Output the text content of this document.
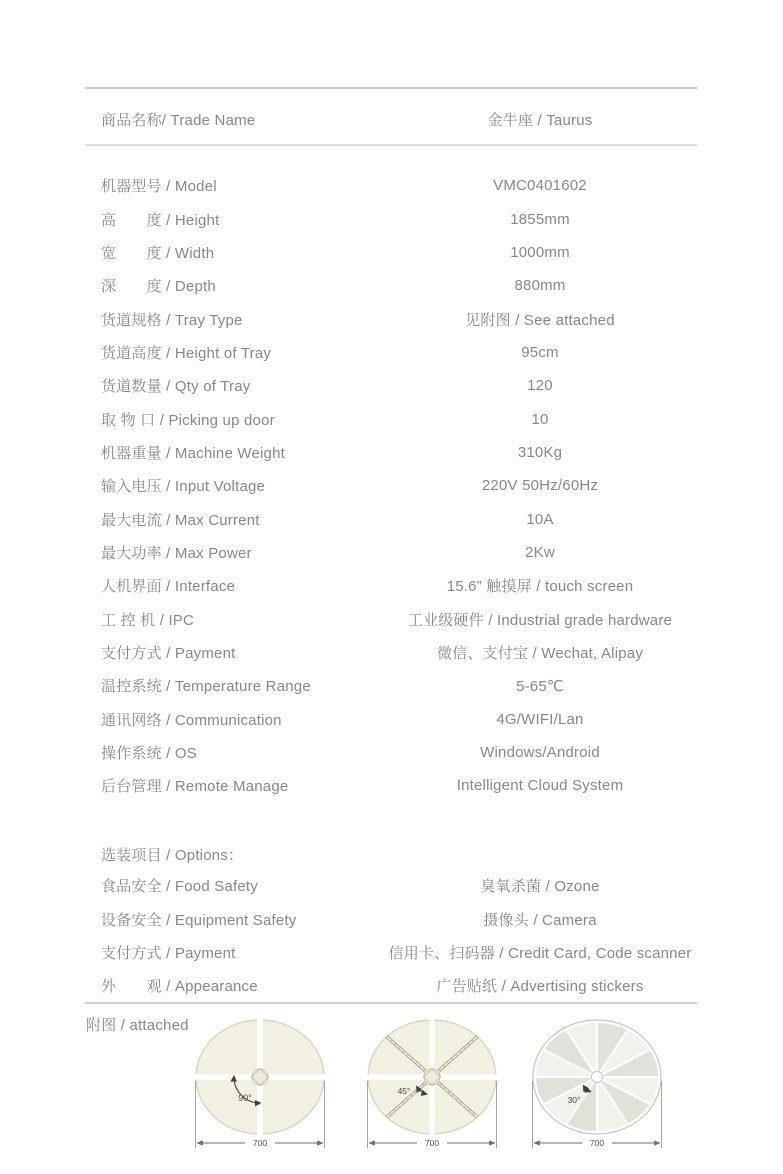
商品名称/ Trade Name	金牛座 / Taurus
机器型号 / Model	VMC0401602
高　　度 / Height	1855mm
宽　　度 / Width	1000mm
深　　度 / Depth	880mm
货道规格 / Tray Type	见附图 / See attached
货道高度 / Height of Tray	95cm
货道数量 / Qty of Tray	120
取 物 口 / Picking up door	10
机器重量 / Machine Weight	310Kg
输入电压 / Input Voltage	220V 50Hz/60Hz
最大电流 / Max Current	10A
最大功率 / Max Power	2Kw
人机界面 / Interface	15.6” 触摸屏 / touch screen
工 控 机 / IPC	工业级硬件 / Industrial grade hardware
支付方式 / Payment	微信、支付宝 / Wechat, Alipay
温控系统 / Temperature Range	5-65℃
通讯网络 / Communication	4G/WIFI/Lan
操作系统 / OS	Windows/Android
后台管理 / Remote Manage	Intelligent Cloud System
选装项目 / Options：
食品安全 / Food Safety	臭氧杀菌 / Ozone
设备安全 / Equipment Safety	摄像头 / Camera
支付方式 / Payment	信用卡、扫码器 / Credit Card, Code scanner
外　　观 / Appearance	广告贴纸 / Advertising stickers
附图 / attached
90°
700
45°
700
30°
700
